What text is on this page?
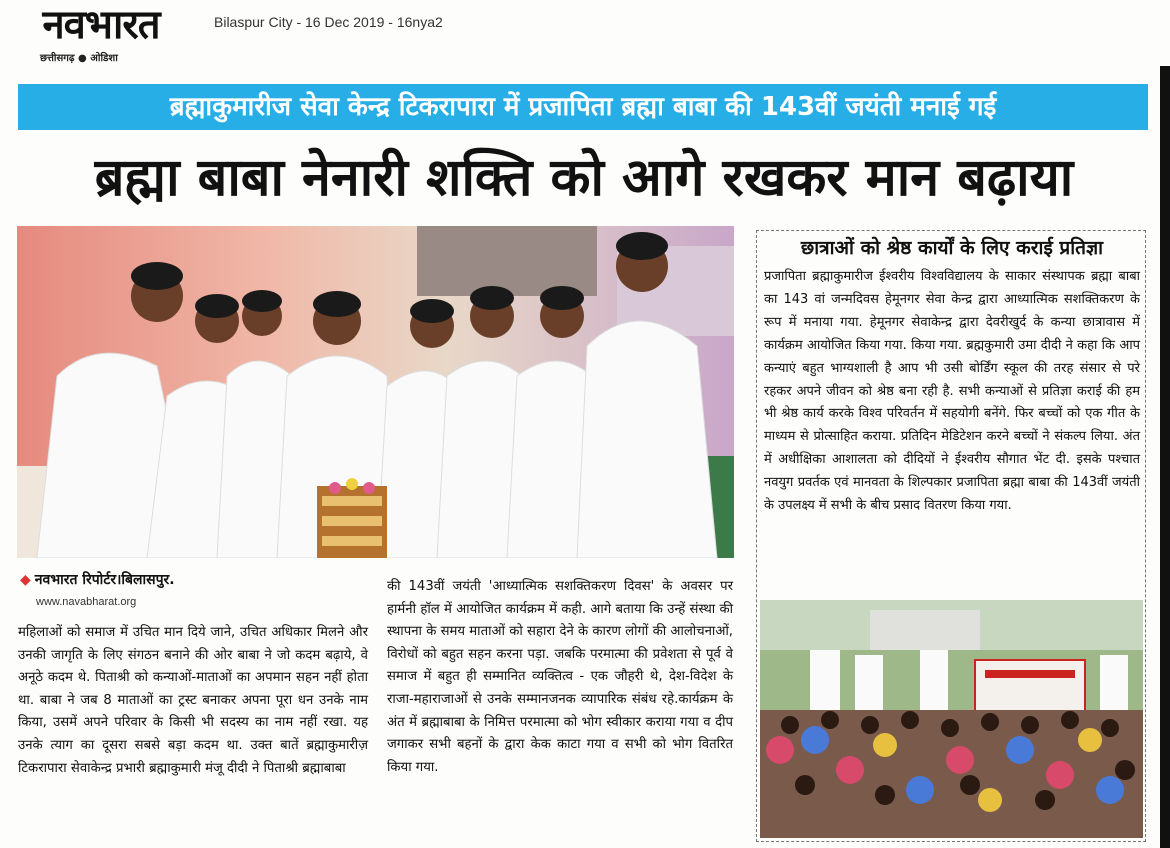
नवभारत
छत्तीसगढ़ ● ओडिशा
Bilaspur City - 16 Dec 2019 - 16nya2
ब्रह्माकुमारीज सेवा केन्द्र टिकरापारा में प्रजापिता ब्रह्मा बाबा की 143वीं जयंती मनाई गई
ब्रह्मा बाबा नेनारी शक्ति को आगे रखकर मान बढ़ाया
◆ नवभारत रिपोर्टर।बिलासपुर.
www.navabharat.org
महिलाओं को समाज में उचित मान दिये जाने, उचित अधिकार मिलने और उनकी जागृति के लिए संगठन बनाने की ओर बाबा ने जो कदम बढ़ाये, वे अनूठे कदम थे. पिताश्री को कन्याओं-माताओं का अपमान सहन नहीं होता था. बाबा ने जब 8 माताओं का ट्रस्ट बनाकर अपना पूरा धन उनके नाम किया, उसमें अपने परिवार के किसी भी सदस्य का नाम नहीं रखा. यह उनके त्याग का दूसरा सबसे बड़ा कदम था. उक्त बातें ब्रह्माकुमारीज़ टिकरापारा सेवाकेन्द्र प्रभारी ब्रह्माकुमारी मंजू दीदी ने पिताश्री ब्रह्माबाबा
की 143वीं जयंती 'आध्यात्मिक सशक्तिकरण दिवस' के अवसर पर हार्मनी हॉल में आयोजित कार्यक्रम में कही. आगे बताया कि उन्हें संस्था की स्थापना के समय माताओं को सहारा देने के कारण लोगों की आलोचनाओं, विरोधों को बहुत सहन करना पड़ा. जबकि परमात्मा की प्रवेशता से पूर्व वे समाज में बहुत ही सम्मानित व्यक्तित्व - एक जौहरी थे, देश-विदेश के राजा-महाराजाओं से उनके सम्मानजनक व्यापारिक संबंध रहे.कार्यक्रम के अंत में ब्रह्माबाबा के निमित्त परमात्मा को भोग स्वीकार कराया गया व दीप जगाकर सभी बहनों के द्वारा केक काटा गया व सभी को भोग वितरित किया गया.
छात्राओं को श्रेष्ठ कार्यों के लिए कराई प्रतिज्ञा
प्रजापिता ब्रह्माकुमारीज ईश्वरीय विश्वविद्यालय के साकार संस्थापक ब्रह्मा बाबा का 143 वां जन्मदिवस हेमूनगर सेवा केन्द्र द्वारा आध्यात्मिक सशक्तिकरण के रूप में मनाया गया. हेमूनगर सेवाकेन्द्र द्वारा देवरीखुर्द के कन्या छात्रावास में कार्यक्रम आयोजित किया गया. किया गया. ब्रह्मकुमारी उमा दीदी ने कहा कि आप कन्याएं बहुत भाग्यशाली है आप भी उसी बोर्डिंग स्कूल की तरह संसार से परे रहकर अपने जीवन को श्रेष्ठ बना रही है. सभी कन्याओं से प्रतिज्ञा कराई की हम भी श्रेष्ठ कार्य करके विश्व परिवर्तन में सहयोगी बनेंगे. फिर बच्चों को एक गीत के माध्यम से प्रोत्साहित कराया. प्रतिदिन मेडिटेशन करने बच्चों ने संकल्प लिया. अंत में अधीक्षिका आशालता को दीदियों ने ईश्वरीय सौगात भेंट दी. इसके पश्चात नवयुग प्रवर्तक एवं मानवता के शिल्पकार प्रजापिता ब्रह्मा बाबा की 143वीं जयंती के उपलक्ष्य में सभी के बीच प्रसाद वितरण किया गया.
